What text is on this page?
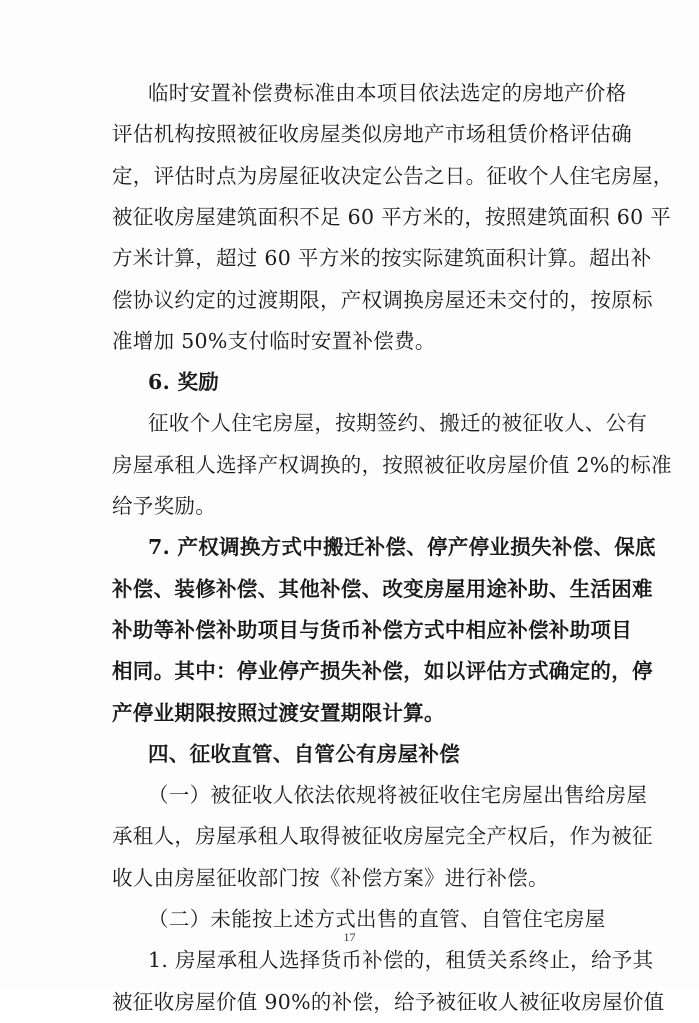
临时安置补偿费标准由本项目依法选定的房地产价格
评估机构按照被征收房屋类似房地产市场租赁价格评估确
定，评估时点为房屋征收决定公告之日。征收个人住宅房屋，
被征收房屋建筑面积不足 60 平方米的，按照建筑面积 60 平
方米计算，超过 60 平方米的按实际建筑面积计算。超出补
偿协议约定的过渡期限，产权调换房屋还未交付的，按原标
准增加 50%支付临时安置补偿费。
6. 奖励
征收个人住宅房屋，按期签约、搬迁的被征收人、公有
房屋承租人选择产权调换的，按照被征收房屋价值 2%的标准
给予奖励。
7. 产权调换方式中搬迁补偿、停产停业损失补偿、保底
补偿、装修补偿、其他补偿、改变房屋用途补助、生活困难
补助等补偿补助项目与货币补偿方式中相应补偿补助项目
相同。其中：停业停产损失补偿，如以评估方式确定的，停
产停业期限按照过渡安置期限计算。
四、征收直管、自管公有房屋补偿
（一）被征收人依法依规将被征收住宅房屋出售给房屋
承租人，房屋承租人取得被征收房屋完全产权后，作为被征
收人由房屋征收部门按《补偿方案》进行补偿。
（二）未能按上述方式出售的直管、自管住宅房屋
1. 房屋承租人选择货币补偿的，租赁关系终止，给予其
被征收房屋价值 90%的补偿，给予被征收人被征收房屋价值
17
